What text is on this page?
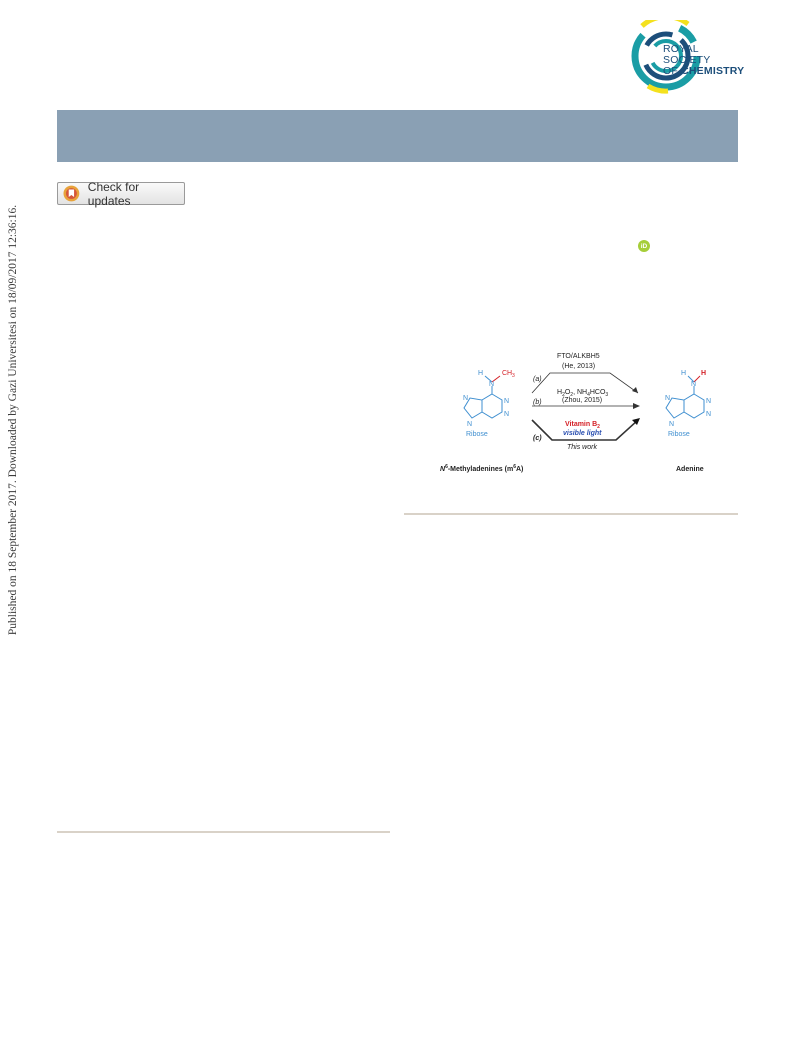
Published on 18 September 2017. Downloaded by Gazi Universitesi on 18/09/2017 12:36:16.
ROYAL SOCIETY
OF CHEMISTRY
Check for updates
iD
H
N
CH 3
N
N
N
N
Ribose
$N^6$-Methyladenines $(m^6A)$
FTO/ALKBH5
(He, 2013)
(a)
$H_2O_2$, $NH_4HCO_3$
(Zhou, 2015)
(b)
Vitamin $B_2$
visible light
(c)
This work
H
N
H
N
N
N
N
Ribose
Adenine
